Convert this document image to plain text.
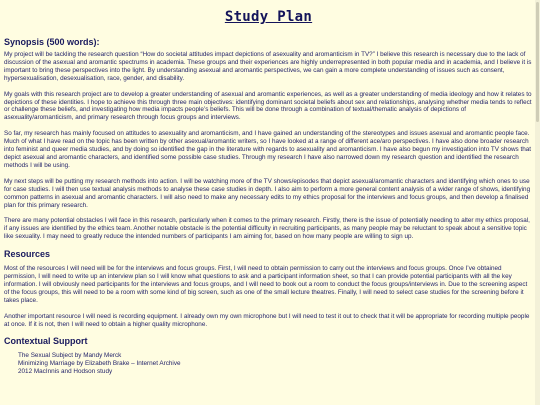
Study Plan
Synopsis (500 words):

My project will be tackling the research question “How do societal attitudes impact depictions of asexuality and aromanticism in TV?” I believe this research is necessary due to the lack of discussion of the asexual and aromantic spectrums in academia. These groups and their experiences are highly underrepresented in both popular media and in academia, and I believe it is important to bring these perspectives into the light. By understanding asexual and aromantic perspectives, we can gain a more complete understanding of issues such as consent, hypersexualisation, desexualisation, race, gender, and disability.

My goals with this research project are to develop a greater understanding of asexual and aromantic experiences, as well as a greater understanding of media ideology and how it relates to depictions of these identities. I hope to achieve this through three main objectives: identifying dominant societal beliefs about sex and relationships, analysing whether media tends to reflect or challenge these beliefs, and investigating how media impacts people’s beliefs. This will be done through a combination of textual/thematic analysis of depictions of asexuality/aromanticism, and primary research through focus groups and interviews.

So far, my research has mainly focused on attitudes to asexuality and aromanticism, and I have gained an understanding of the stereotypes and issues asexual and aromantic people face. Much of what I have read on the topic has been written by other asexual/aromantic writers, so I have looked at a range of different ace/aro perspectives. I have also done broader research into feminist and queer media studies, and by doing so identified the gap in the literature with regards to asexuality and aromanticism. I have also begun my investigation into TV shows that depict asexual and aromantic characters, and identified some possible case studies. Through my research I have also narrowed down my research question and identified the research methods I will be using.

My next steps will be putting my research methods into action. I will be watching more of the TV shows/episodes that depict asexual/aromantic characters and identifying which ones to use for case studies. I will then use textual analysis methods to analyse these case studies in depth. I also aim to perform a more general content analysis of a wider range of shows, identifying common patterns in asexual and aromantic characters. I will also need to make any necessary edits to my ethics proposal for the interviews and focus groups, and then develop a finalised plan for this primary research.

There are many potential obstacles I will face in this research, particularly when it comes to the primary research. Firstly, there is the issue of potentially needing to alter my ethics proposal, if any issues are identified by the ethics team. Another notable obstacle is the potential difficulty in recruiting participants, as many people may be reluctant to speak about a sensitive topic like sexuality. I may need to greatly reduce the intended numbers of participants I am aiming for, based on how many people are willing to sign up.

Resources

Most of the resources I will need will be for the interviews and focus groups. First, I will need to obtain permission to carry out the interviews and focus groups. Once I’ve obtained permission, I will need to write up an interview plan so I will know what questions to ask and a participant information sheet, so that I can provide potential participants with all the key information. I will obviously need participants for the interviews and focus groups, and I will need to book out a room to conduct the focus groups/interviews in. Due to the screening aspect of the focus groups, this will need to be a room with some kind of big screen, such as one of the small lecture theatres. Finally, I will need to select case studies for the screening before it takes place.

Another important resource I will need is recording equipment. I already own my own microphone but I will need to test it out to check that it will be appropriate for recording multiple people at once. If it is not, then I will need to obtain a higher quality microphone.

Contextual Support
The Sexual Subject by Mandy Merck
Minimizing Marriage by Elizabeth Brake – Internet Archive
2012 MacInnis and Hodson study
